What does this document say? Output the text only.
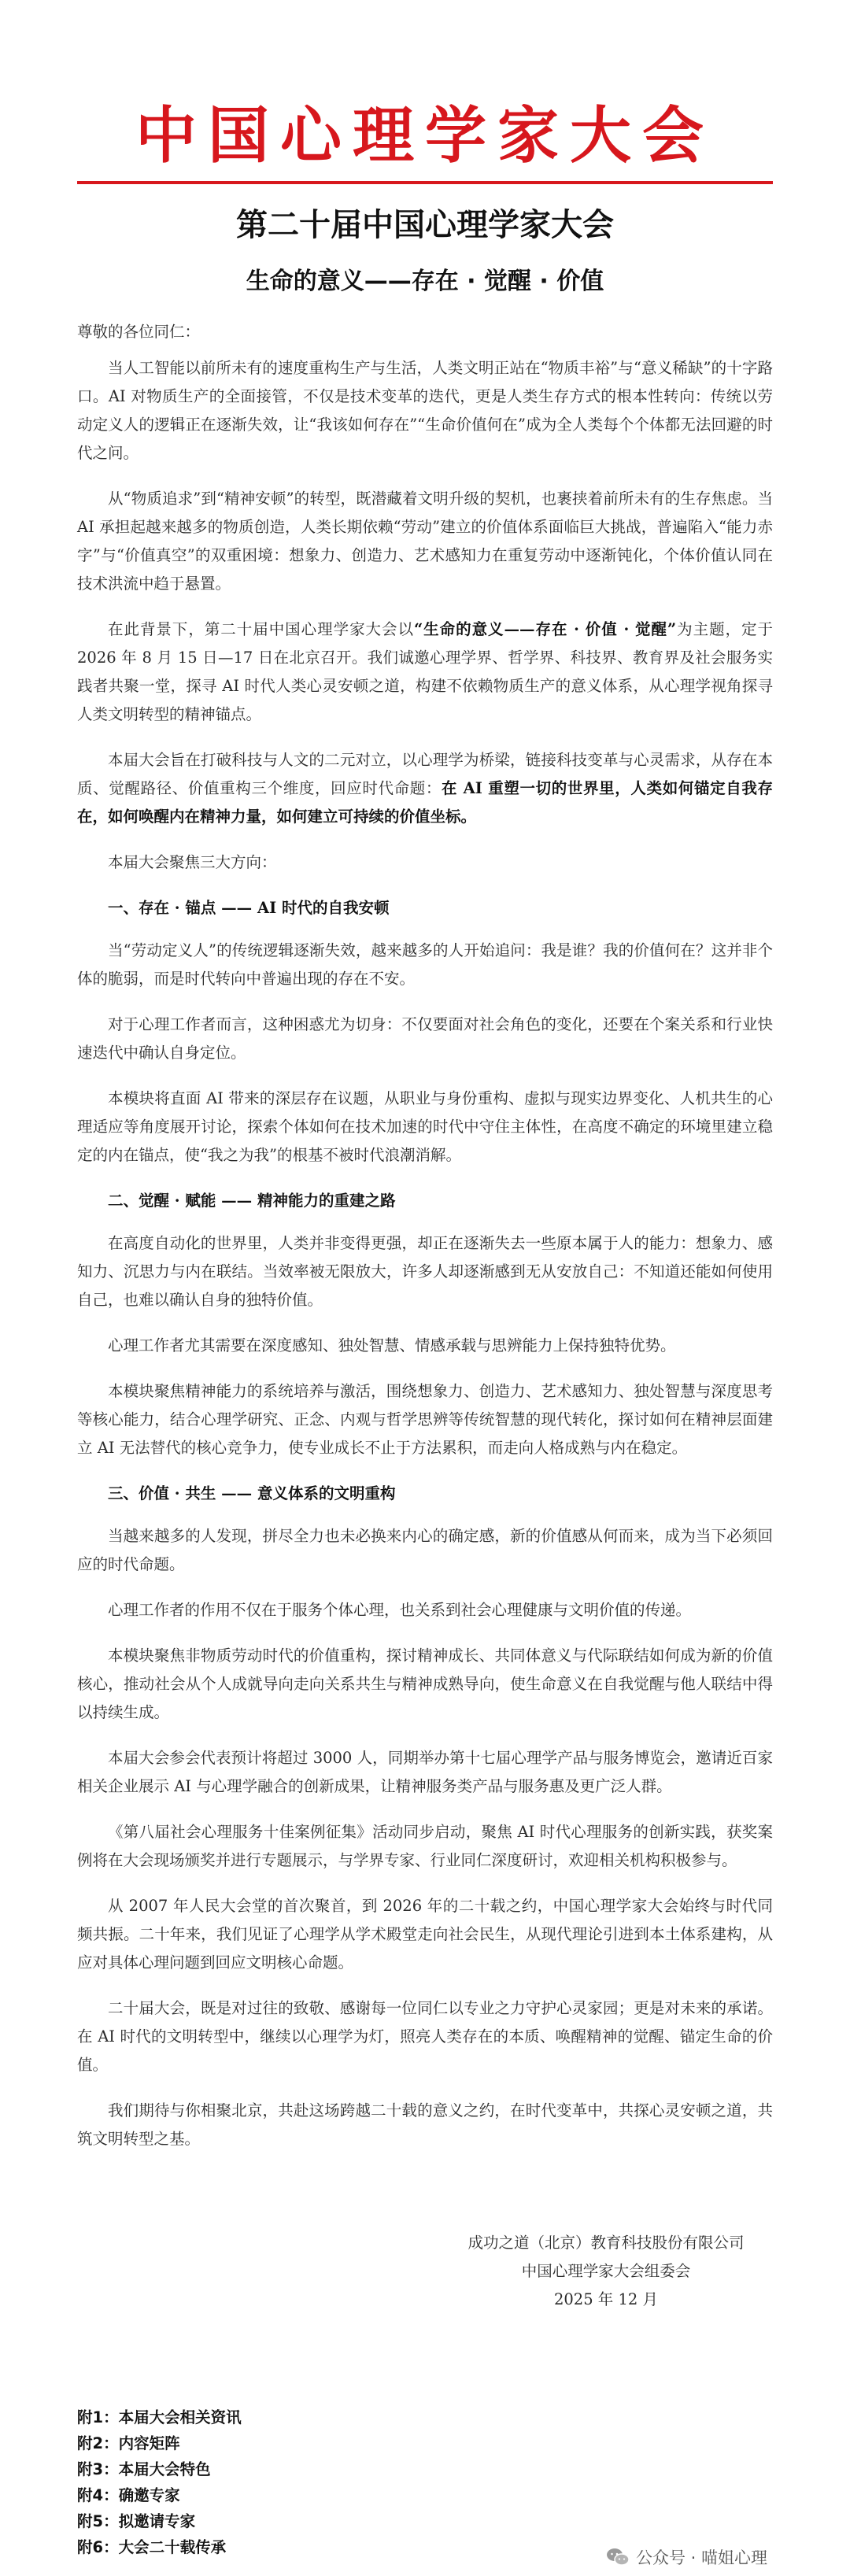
中国心理学家大会
第二十届中国心理学家大会
生命的意义——存在 · 觉醒 · 价值
尊敬的各位同仁：

当人工智能以前所未有的速度重构生产与生活，人类文明正站在“物质丰裕”与“意义稀缺”的十字路口。AI 对物质生产的全面接管，不仅是技术变革的迭代，更是人类生存方式的根本性转向：传统以劳动定义人的逻辑正在逐渐失效，让“我该如何存在”“生命价值何在”成为全人类每个个体都无法回避的时代之问。

从“物质追求”到“精神安顿”的转型，既潜藏着文明升级的契机，也裹挟着前所未有的生存焦虑。当 AI 承担起越来越多的物质创造，人类长期依赖“劳动”建立的价值体系面临巨大挑战，普遍陷入“能力赤字”与“价值真空”的双重困境：想象力、创造力、艺术感知力在重复劳动中逐渐钝化，个体价值认同在技术洪流中趋于悬置。

在此背景下，第二十届中国心理学家大会以“生命的意义——存在 · 价值 · 觉醒”为主题，定于 2026 年 8 月 15 日—17 日在北京召开。我们诚邀心理学界、哲学界、科技界、教育界及社会服务实践者共聚一堂，探寻 AI 时代人类心灵安顿之道，构建不依赖物质生产的意义体系，从心理学视角探寻人类文明转型的精神锚点。

本届大会旨在打破科技与人文的二元对立，以心理学为桥梁，链接科技变革与心灵需求，从存在本质、觉醒路径、价值重构三个维度，回应时代命题：在 AI 重塑一切的世界里，人类如何锚定自我存在，如何唤醒内在精神力量，如何建立可持续的价值坐标。

本届大会聚焦三大方向：

一、存在 · 锚点 —— AI 时代的自我安顿

当“劳动定义人”的传统逻辑逐渐失效，越来越多的人开始追问：我是谁？我的价值何在？这并非个体的脆弱，而是时代转向中普遍出现的存在不安。

对于心理工作者而言，这种困惑尤为切身：不仅要面对社会角色的变化，还要在个案关系和行业快速迭代中确认自身定位。

本模块将直面 AI 带来的深层存在议题，从职业与身份重构、虚拟与现实边界变化、人机共生的心理适应等角度展开讨论，探索个体如何在技术加速的时代中守住主体性，在高度不确定的环境里建立稳定的内在锚点，使“我之为我”的根基不被时代浪潮消解。

二、觉醒 · 赋能 —— 精神能力的重建之路

在高度自动化的世界里，人类并非变得更强，却正在逐渐失去一些原本属于人的能力：想象力、感知力、沉思力与内在联结。当效率被无限放大，许多人却逐渐感到无从安放自己：不知道还能如何使用自己，也难以确认自身的独特价值。

心理工作者尤其需要在深度感知、独处智慧、情感承载与思辨能力上保持独特优势。

本模块聚焦精神能力的系统培养与激活，围绕想象力、创造力、艺术感知力、独处智慧与深度思考等核心能力，结合心理学研究、正念、内观与哲学思辨等传统智慧的现代转化，探讨如何在精神层面建立 AI 无法替代的核心竞争力，使专业成长不止于方法累积，而走向人格成熟与内在稳定。

三、价值 · 共生 —— 意义体系的文明重构

当越来越多的人发现，拼尽全力也未必换来内心的确定感，新的价值感从何而来，成为当下必须回应的时代命题。

心理工作者的作用不仅在于服务个体心理，也关系到社会心理健康与文明价值的传递。

本模块聚焦非物质劳动时代的价值重构，探讨精神成长、共同体意义与代际联结如何成为新的价值核心，推动社会从个人成就导向走向关系共生与精神成熟导向，使生命意义在自我觉醒与他人联结中得以持续生成。

本届大会参会代表预计将超过 3000 人，同期举办第十七届心理学产品与服务博览会，邀请近百家相关企业展示 AI 与心理学融合的创新成果，让精神服务类产品与服务惠及更广泛人群。

《第八届社会心理服务十佳案例征集》活动同步启动，聚焦 AI 时代心理服务的创新实践，获奖案例将在大会现场颁奖并进行专题展示，与学界专家、行业同仁深度研讨，欢迎相关机构积极参与。

从 2007 年人民大会堂的首次聚首，到 2026 年的二十载之约，中国心理学家大会始终与时代同频共振。二十年来，我们见证了心理学从学术殿堂走向社会民生，从现代理论引进到本土体系建构，从应对具体心理问题到回应文明核心命题。

二十届大会，既是对过往的致敬、感谢每一位同仁以专业之力守护心灵家园；更是对未来的承诺。在 AI 时代的文明转型中，继续以心理学为灯，照亮人类存在的本质、唤醒精神的觉醒、锚定生命的价值。

我们期待与你相聚北京，共赴这场跨越二十载的意义之约，在时代变革中，共探心灵安顿之道，共筑文明转型之基。

成功之道（北京）教育科技股份有限公司
中国心理学家大会组委会
2025 年 12 月
附1：本届大会相关资讯
附2：内容矩阵
附3：本届大会特色
附4：确邀专家
附5：拟邀请专家
附6：大会二十载传承
公众号 · 喵姐心理
